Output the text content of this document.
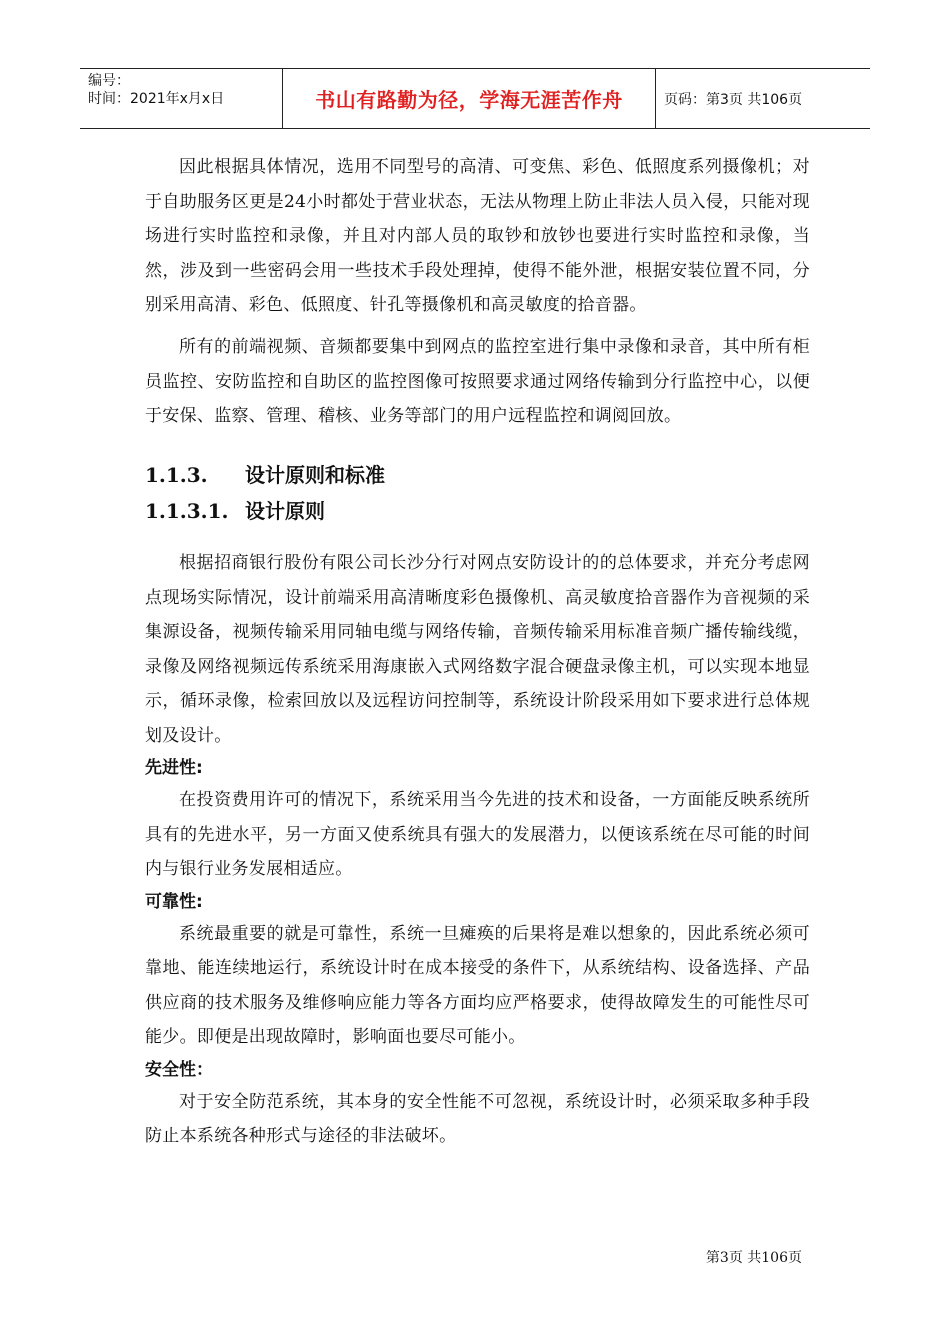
编号：
时间：2021年x月x日	书山有路勤为径，学海无涯苦作舟	页码：第3页 共106页

因此根据具体情况，选用不同型号的高清、可变焦、彩色、低照度系列摄像机；对于自助服务区更是24小时都处于营业状态，无法从物理上防止非法人员入侵，只能对现场进行实时监控和录像，并且对内部人员的取钞和放钞也要进行实时监控和录像，当然，涉及到一些密码会用一些技术手段处理掉，使得不能外泄，根据安装位置不同，分别采用高清、彩色、低照度、针孔等摄像机和高灵敏度的拾音器。

所有的前端视频、音频都要集中到网点的监控室进行集中录像和录音，其中所有柜员监控、安防监控和自助区的监控图像可按照要求通过网络传输到分行监控中心，以便于安保、监察、管理、稽核、业务等部门的用户远程监控和调阅回放。

1.1.3. 设计原则和标准
1.1.3.1. 设计原则

根据招商银行股份有限公司长沙分行对网点安防设计的的总体要求，并充分考虑网点现场实际情况，设计前端采用高清晰度彩色摄像机、高灵敏度拾音器作为音视频的采集源设备，视频传输采用同轴电缆与网络传输，音频传输采用标准音频广播传输线缆，录像及网络视频远传系统采用海康嵌入式网络数字混合硬盘录像主机，可以实现本地显示，循环录像，检索回放以及远程访问控制等，系统设计阶段采用如下要求进行总体规划及设计。

先进性:

在投资费用许可的情况下，系统采用当今先进的技术和设备，一方面能反映系统所具有的先进水平，另一方面又使系统具有强大的发展潜力，以便该系统在尽可能的时间内与银行业务发展相适应。

可靠性:

系统最重要的就是可靠性，系统一旦瘫痪的后果将是难以想象的，因此系统必须可靠地、能连续地运行，系统设计时在成本接受的条件下，从系统结构、设备选择、产品供应商的技术服务及维修响应能力等各方面均应严格要求，使得故障发生的可能性尽可能少。即便是出现故障时，影响面也要尽可能小。

安全性：

对于安全防范系统，其本身的安全性能不可忽视，系统设计时，必须采取多种手段防止本系统各种形式与途径的非法破坏。

第3页 共106页
